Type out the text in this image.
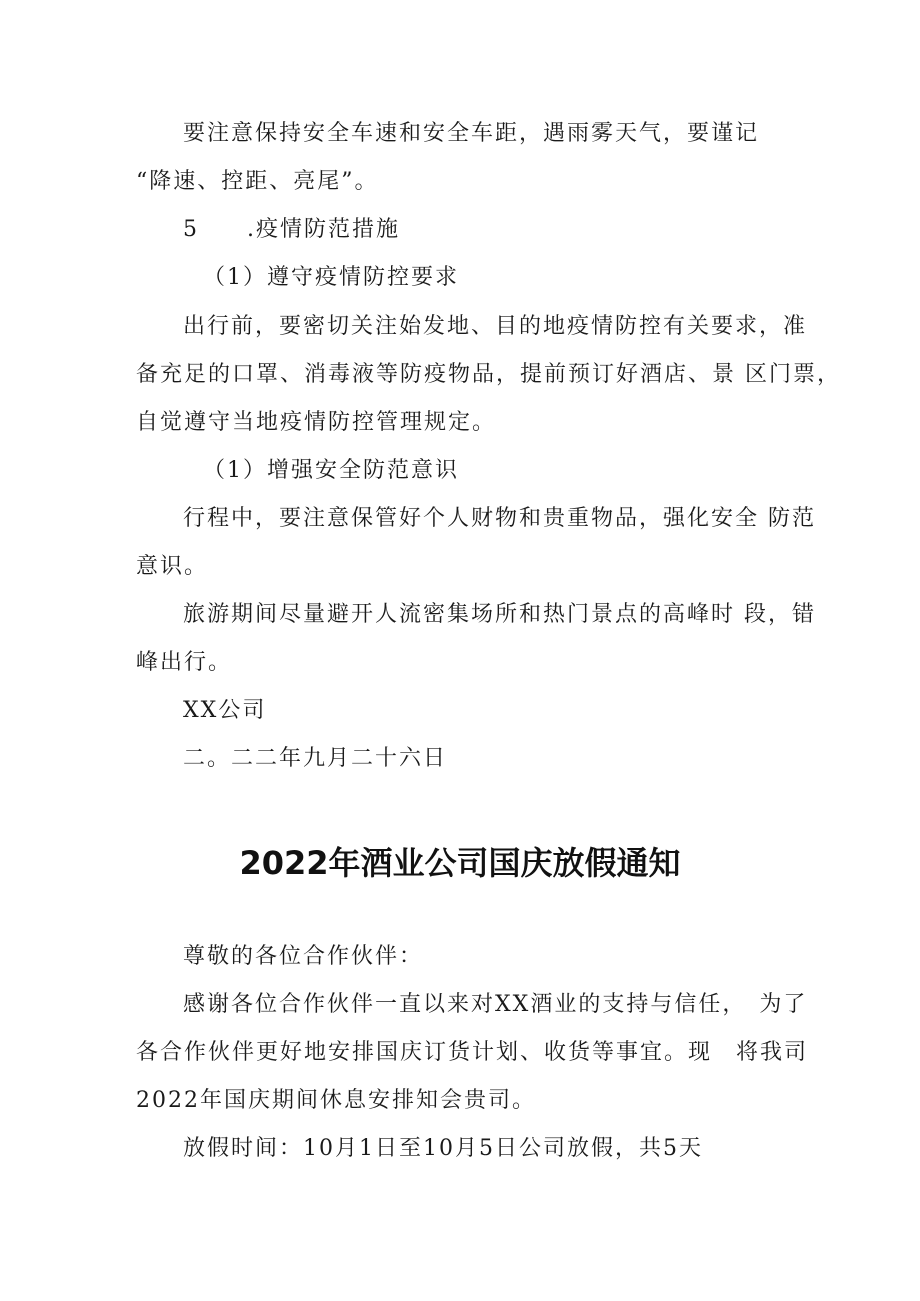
要注意保持安全车速和安全车距，遇雨雾天气，要谨记

“降速、控距、亮尾”。

5　　.疫情防范措施

（1）遵守疫情防控要求

出行前，要密切关注始发地、目的地疫情防控有关要求，准

备充足的口罩、消毒液等防疫物品，提前预订好酒店、景 区门票，

自觉遵守当地疫情防控管理规定。

（1）增强安全防范意识

行程中，要注意保管好个人财物和贵重物品，强化安全 防范

意识。

旅游期间尽量避开人流密集场所和热门景点的高峰时 段，错

峰出行。

XX公司

二。二二年九月二十六日

2022年酒业公司国庆放假通知

尊敬的各位合作伙伴：

感谢各位合作伙伴一直以来对XX酒业的支持与信任，　为了

各合作伙伴更好地安排国庆订货计划、收货等事宜。现　将我司

2022年国庆期间休息安排知会贵司。

放假时间：10月1日至10月5日公司放假，共5天
